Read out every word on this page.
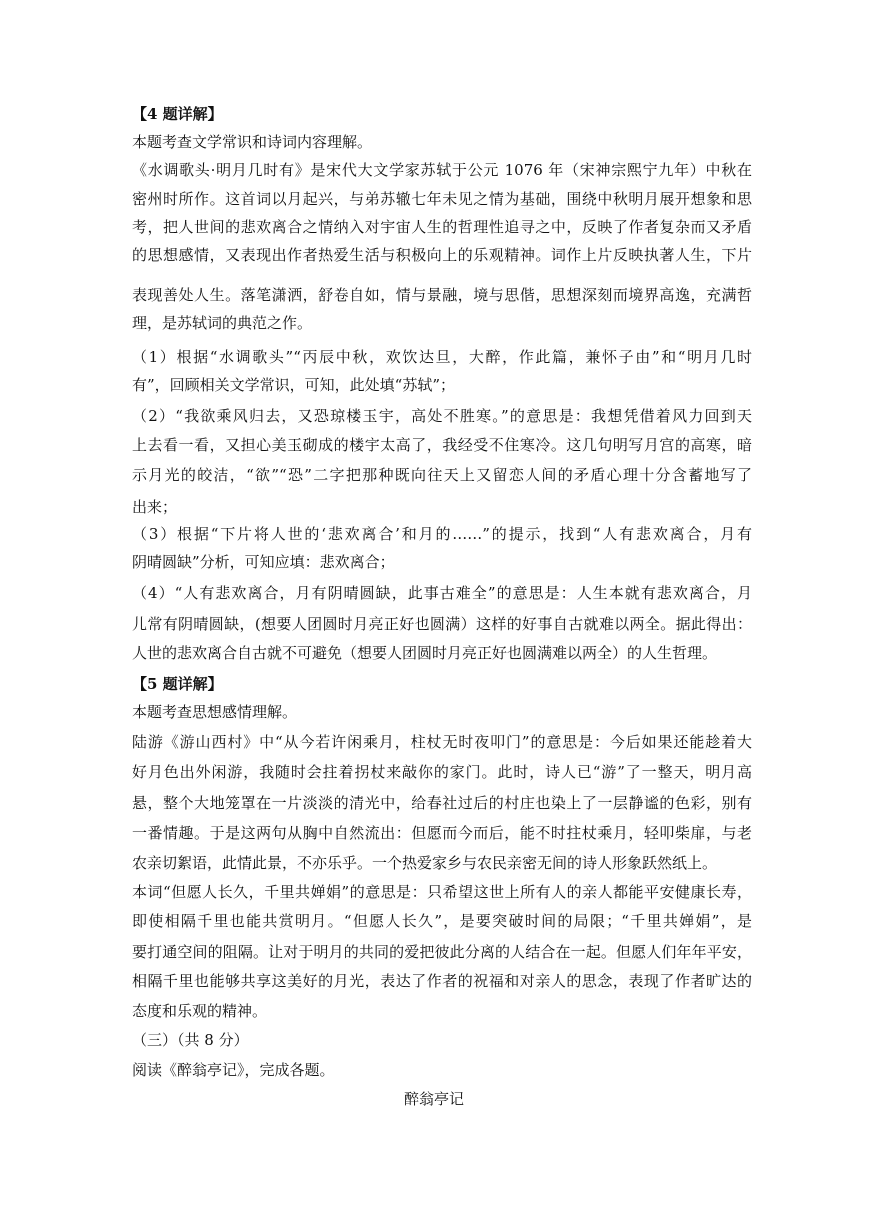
【4 题详解】
本题考查文学常识和诗词内容理解。
《水调歌头·明月几时有》是宋代大文学家苏轼于公元 1076 年（宋神宗熙宁九年）中秋在
密州时所作。这首词以月起兴，与弟苏辙七年未见之情为基础，围绕中秋明月展开想象和思
考，把人世间的悲欢离合之情纳入对宇宙人生的哲理性追寻之中，反映了作者复杂而又矛盾
的思想感情，又表现出作者热爱生活与积极向上的乐观精神。词作上片反映执著人生，下片
表现善处人生。落笔潇洒，舒卷自如，情与景融，境与思偕，思想深刻而境界高逸，充满哲
理，是苏轼词的典范之作。
（1）根据“水调歌头”“丙辰中秋，欢饮达旦，大醉，作此篇，兼怀子由”和“明月几时
有”，回顾相关文学常识，可知，此处填“苏轼”；
（2）“我欲乘风归去，又恐琼楼玉宇，高处不胜寒。”的意思是：我想凭借着风力回到天
上去看一看，又担心美玉砌成的楼宇太高了，我经受不住寒冷。这几句明写月宫的高寒，暗
示月光的皎洁，“欲”“恐”二字把那种既向往天上又留恋人间的矛盾心理十分含蓄地写了
出来；
（3）根据“下片将人世的‘悲欢离合’和月的……”的提示，找到“人有悲欢离合，月有
阴晴圆缺”分析，可知应填：悲欢离合；
（4）“人有悲欢离合，月有阴晴圆缺，此事古难全”的意思是：人生本就有悲欢离合，月
儿常有阴晴圆缺，(想要人团圆时月亮正好也圆满）这样的好事自古就难以两全。据此得出：
人世的悲欢离合自古就不可避免（想要人团圆时月亮正好也圆满难以两全）的人生哲理。
【5 题详解】
本题考查思想感情理解。
陆游《游山西村》中“从今若许闲乘月，柱杖无时夜叩门”的意思是：今后如果还能趁着大
好月色出外闲游，我随时会拄着拐杖来敲你的家门。此时，诗人已“游”了一整天，明月高
悬，整个大地笼罩在一片淡淡的清光中，给春社过后的村庄也染上了一层静谧的色彩，别有
一番情趣。于是这两句从胸中自然流出：但愿而今而后，能不时拄杖乘月，轻叩柴扉，与老
农亲切絮语，此情此景，不亦乐乎。一个热爱家乡与农民亲密无间的诗人形象跃然纸上。
本词“但愿人长久，千里共婵娟”的意思是：只希望这世上所有人的亲人都能平安健康长寿，
即使相隔千里也能共赏明月。“但愿人长久”，是要突破时间的局限；“千里共婵娟”，是
要打通空间的阻隔。让对于明月的共同的爱把彼此分离的人结合在一起。但愿人们年年平安，
相隔千里也能够共享这美好的月光，表达了作者的祝福和对亲人的思念，表现了作者旷达的
态度和乐观的精神。
（三）（共 8 分）
阅读《醉翁亭记》，完成各题。
醉翁亭记
